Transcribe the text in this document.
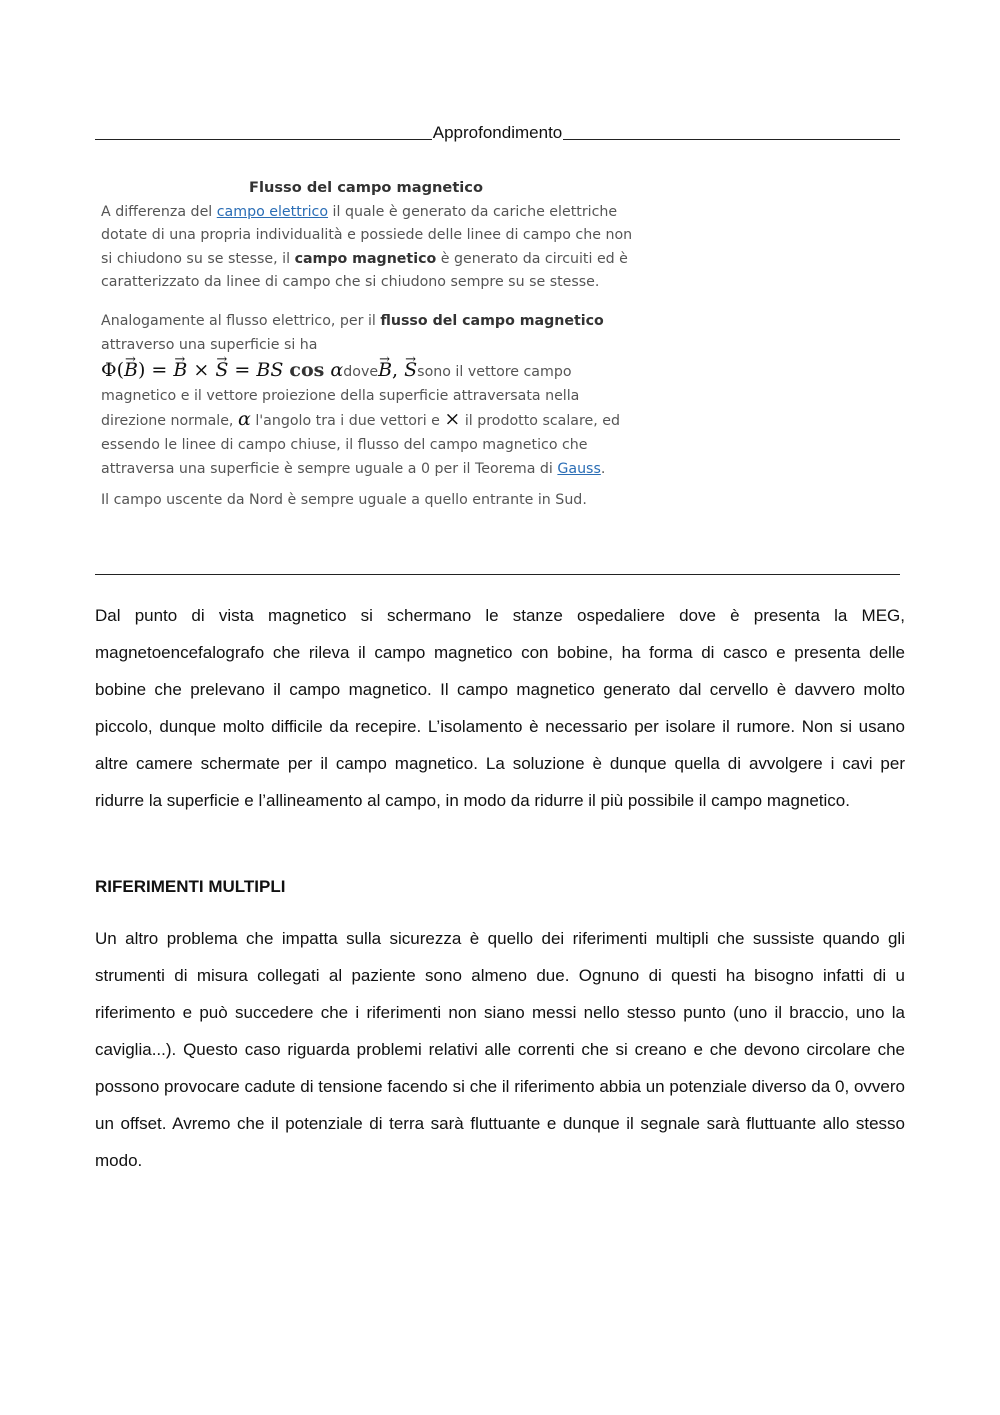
Approfondimento
Flusso del campo magnetico

A differenza del campo elettrico il quale è generato da cariche elettriche dotate di una propria individualità e possiede delle linee di campo che non si chiudono su se stesse, il campo magnetico è generato da circuiti ed è caratterizzato da linee di campo che si chiudono sempre su se stesse.

Analogamente al flusso elettrico, per il flusso del campo magnetico attraverso una superficie si ha

Φ(→ B) = → B × → S = BS cos α dove
→ B, → S sono il vettore campo

magnetico e il vettore proiezione della superficie attraversata nella direzione normale, α l'angolo tra i due vettori e × il prodotto scalare, ed essendo le linee di campo chiuse, il flusso del campo magnetico che attraversa una superficie è sempre uguale a 0 per il Teorema di Gauss.

Il campo uscente da Nord è sempre uguale a quello entrante in Sud.

Dal punto di vista magnetico si schermano le stanze ospedaliere dove è presenta la MEG, magnetoencefalografo che rileva il campo magnetico con bobine, ha forma di casco e presenta delle bobine che prelevano il campo magnetico. Il campo magnetico generato dal cervello è davvero molto piccolo, dunque molto difficile da recepire. L’isolamento è necessario per isolare il rumore. Non si usano altre camere schermate per il campo magnetico. La soluzione è dunque quella di avvolgere i cavi per ridurre la superficie e l’allineamento al campo, in modo da ridurre il più possibile il campo magnetico.

RIFERIMENTI MULTIPLI

Un altro problema che impatta sulla sicurezza è quello dei riferimenti multipli che sussiste quando gli strumenti di misura collegati al paziente sono almeno due. Ognuno di questi ha bisogno infatti di u riferimento e può succedere che i riferimenti non siano messi nello stesso punto (uno il braccio, uno la caviglia...). Questo caso riguarda problemi relativi alle correnti che si creano e che devono circolare che possono provocare cadute di tensione facendo si che il riferimento abbia un potenziale diverso da 0, ovvero un offset. Avremo che il potenziale di terra sarà fluttuante e dunque il segnale sarà fluttuante allo stesso modo.
